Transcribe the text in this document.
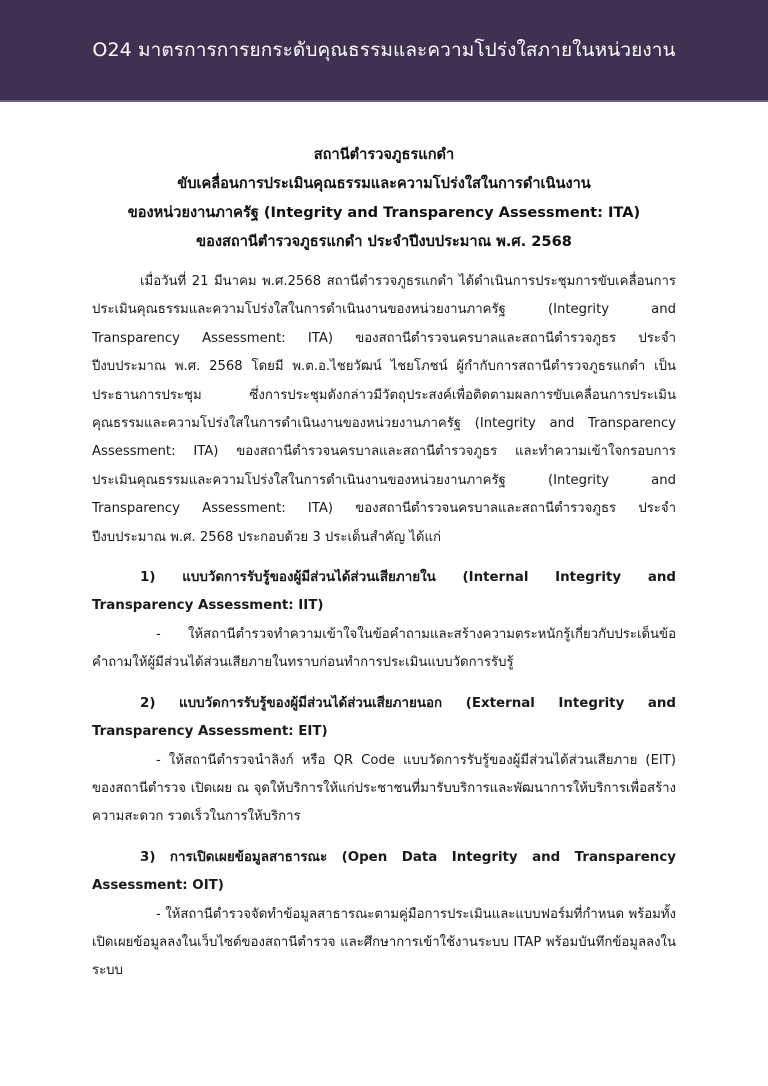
O24 มาตรการการยกระดับคุณธรรมและความโปร่งใสภายในหน่วยงาน
สถานีตำรวจภูธรแกดำ
ขับเคลื่อนการประเมินคุณธรรมและความโปร่งใสในการดำเนินงาน
ของหน่วยงานภาครัฐ (Integrity and Transparency Assessment: ITA)
ของสถานีตำรวจภูธรแกดำ ประจำปีงบประมาณ พ.ศ. 2568

เมื่อวันที่ 21 มีนาคม พ.ศ.2568 สถานีตำรวจภูธรแกดำ ได้ดำเนินการประชุมการขับเคลื่อนการประเมินคุณธรรมและความโปร่งใสในการดำเนินงานของหน่วยงานภาครัฐ (Integrity and Transparency Assessment: ITA) ของสถานีตำรวจนครบาลและสถานีตำรวจภูธร ประจำปีงบประมาณ พ.ศ. 2568 โดยมี พ.ต.อ.ไชยวัฒน์ ไชยโภชน์ ผู้กำกับการสถานีตำรวจภูธรแกดำ เป็นประธานการประชุม ซึ่งการประชุมดังกล่าวมีวัตถุประสงค์เพื่อติดตามผลการขับเคลื่อนการประเมินคุณธรรมและความโปร่งใสในการดำเนินงานของหน่วยงานภาครัฐ (Integrity and Transparency Assessment: ITA) ของสถานีตำรวจนครบาลและสถานีตำรวจภูธร และทำความเข้าใจกรอบการประเมินคุณธรรมและความโปร่งใสในการดำเนินงานของหน่วยงานภาครัฐ (Integrity and Transparency Assessment: ITA) ของสถานีตำรวจนครบาลและสถานีตำรวจภูธร ประจำปีงบประมาณ พ.ศ. 2568 ประกอบด้วย 3 ประเด็นสำคัญ ได้แก่

1) แบบวัดการรับรู้ของผู้มีส่วนได้ส่วนเสียภายใน (Internal Integrity and Transparency Assessment: IIT)

- ให้สถานีตำรวจทำความเข้าใจในข้อคำถามและสร้างความตระหนักรู้เกี่ยวกับประเด็นข้อคำถามให้ผู้มีส่วนได้ส่วนเสียภายในทราบก่อนทำการประเมินแบบวัดการรับรู้

2) แบบวัดการรับรู้ของผู้มีส่วนได้ส่วนเสียภายนอก (External Integrity and Transparency Assessment: EIT)

- ให้สถานีตำรวจนำลิงก์ หรือ QR Code แบบวัดการรับรู้ของผู้มีส่วนได้ส่วนเสียภาย (EIT) ของสถานีตำรวจ เปิดเผย ณ จุดให้บริการให้แก่ประชาชนที่มารับบริการและพัฒนาการให้บริการเพื่อสร้างความสะดวก รวดเร็วในการให้บริการ

3) การเปิดเผยข้อมูลสาธารณะ (Open Data Integrity and Transparency Assessment: OIT)

- ให้สถานีตำรวจจัดทำข้อมูลสาธารณะตามคู่มือการประเมินและแบบฟอร์มที่กำหนด พร้อมทั้งเปิดเผยข้อมูลลงในเว็บไซต์ของสถานีตำรวจ และศึกษาการเข้าใช้งานระบบ ITAP พร้อมบันทึกข้อมูลลงในระบบ
